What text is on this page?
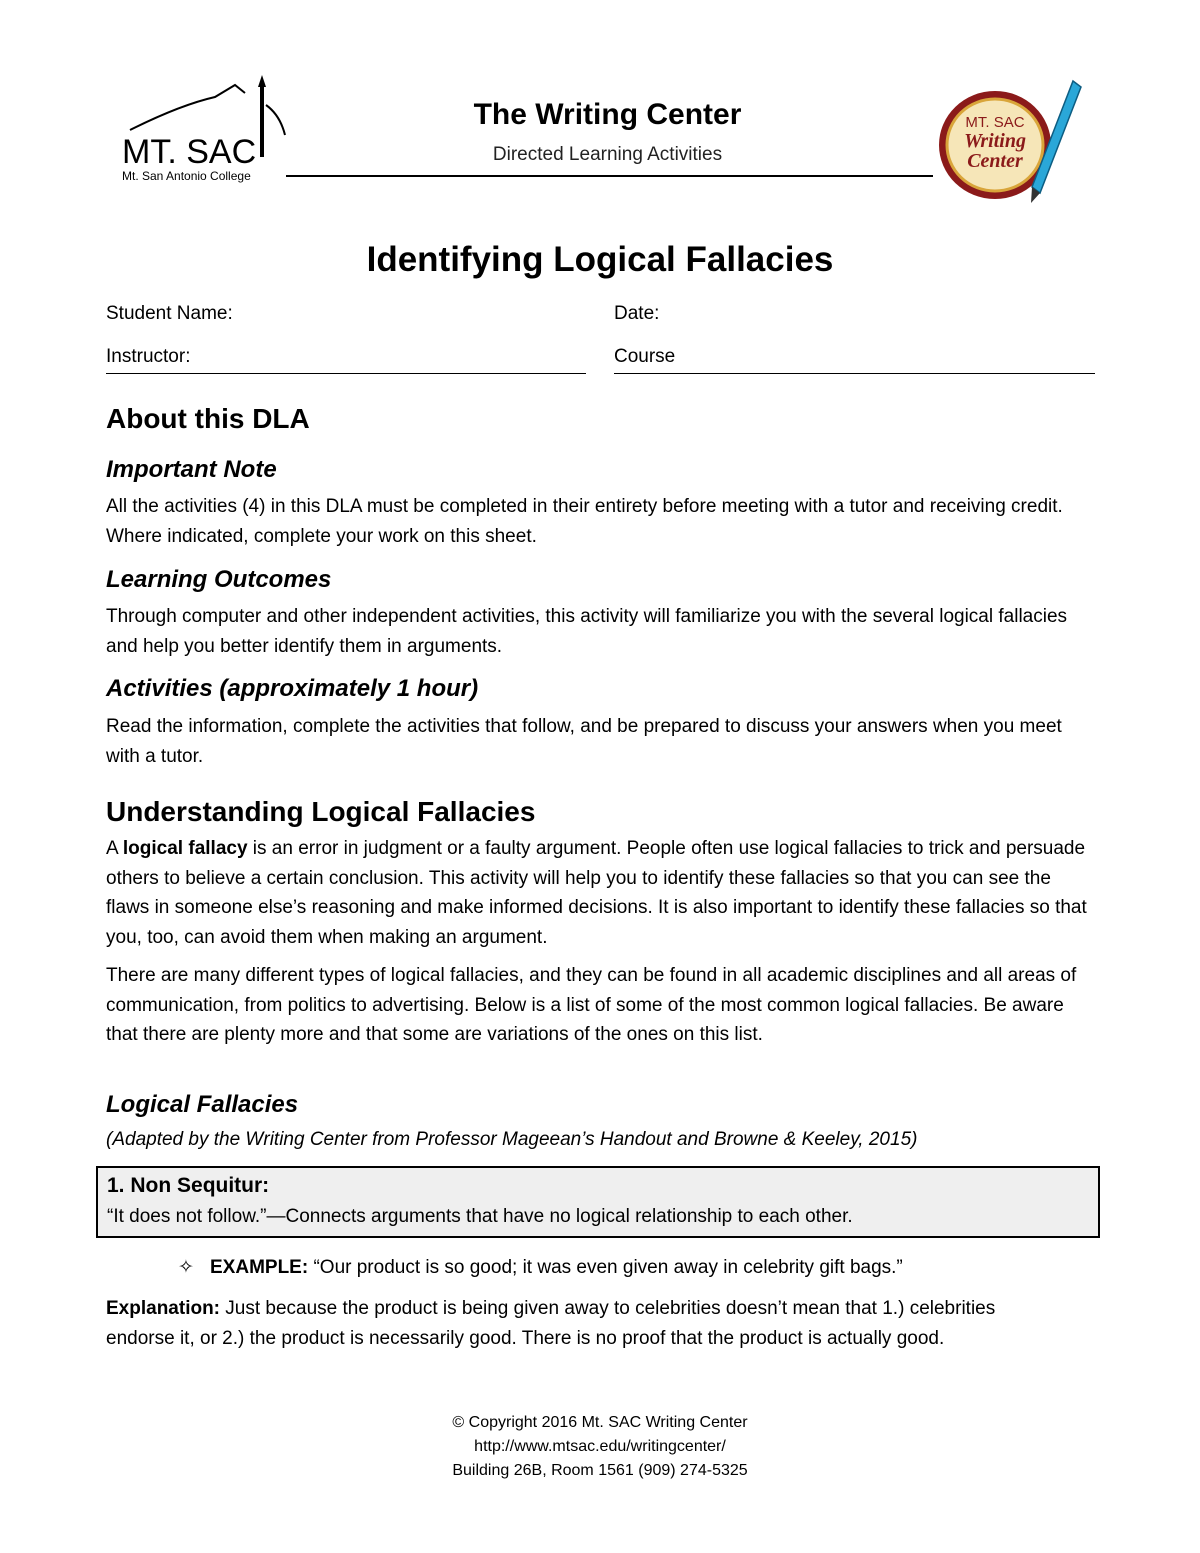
MT. SAC
Mt. San Antonio College
The Writing Center
Directed Learning Activities
MT. SAC
Writing
Center
Identifying Logical Fallacies
Student Name:	Date:
Instructor:	Course
About this DLA
Important Note

All the activities (4) in this DLA must be completed in their entirety before meeting with a tutor and receiving credit. Where indicated, complete your work on this sheet.

Learning Outcomes

Through computer and other independent activities, this activity will familiarize you with the several logical fallacies and help you better identify them in arguments.

Activities (approximately 1 hour)

Read the information, complete the activities that follow, and be prepared to discuss your answers when you meet with a tutor.

Understanding Logical Fallacies

A logical fallacy is an error in judgment or a faulty argument. People often use logical fallacies to trick and persuade others to believe a certain conclusion. This activity will help you to identify these fallacies so that you can see the flaws in someone else’s reasoning and make informed decisions. It is also important to identify these fallacies so that you, too, can avoid them when making an argument.

There are many different types of logical fallacies, and they can be found in all academic disciplines and all areas of communication, from politics to advertising. Below is a list of some of the most common logical fallacies. Be aware that there are plenty more and that some are variations of the ones on this list.

Logical Fallacies
(Adapted by the Writing Center from Professor Mageean’s Handout and Browne & Keeley, 2015)
1. Non Sequitur:
“It does not follow.”—Connects arguments that have no logical relationship to each other.
✧ EXAMPLE: “Our product is so good; it was even given away in celebrity gift bags.”

Explanation: Just because the product is being given away to celebrities doesn’t mean that 1.) celebrities endorse it, or 2.) the product is necessarily good. There is no proof that the product is actually good.

© Copyright 2016 Mt. SAC Writing Center
http://www.mtsac.edu/writingcenter/
Building 26B, Room 1561 (909) 274-5325
